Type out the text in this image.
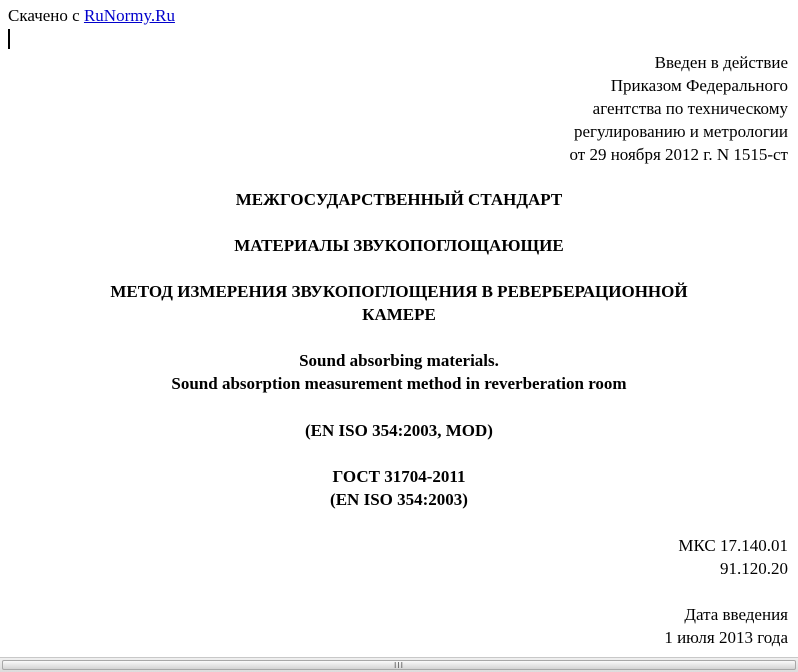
Скачено с RuNormy.Ru
Введен в действие
Приказом Федерального
агентства по техническому
регулированию и метрологии
от 29 ноября 2012 г. N 1515-ст
МЕЖГОСУДАРСТВЕННЫЙ СТАНДАРТ
МАТЕРИАЛЫ ЗВУКОПОГЛОЩАЮЩИЕ
МЕТОД ИЗМЕРЕНИЯ ЗВУКОПОГЛОЩЕНИЯ В РЕВЕРБЕРАЦИОННОЙ
КАМЕРЕ
Sound absorbing materials.
Sound absorption measurement method in reverberation room
(EN ISO 354:2003, MOD)
ГОСТ 31704-2011
(EN ISO 354:2003)
МКС 17.140.01
91.120.20
Дата введения
1 июля 2013 года
III
